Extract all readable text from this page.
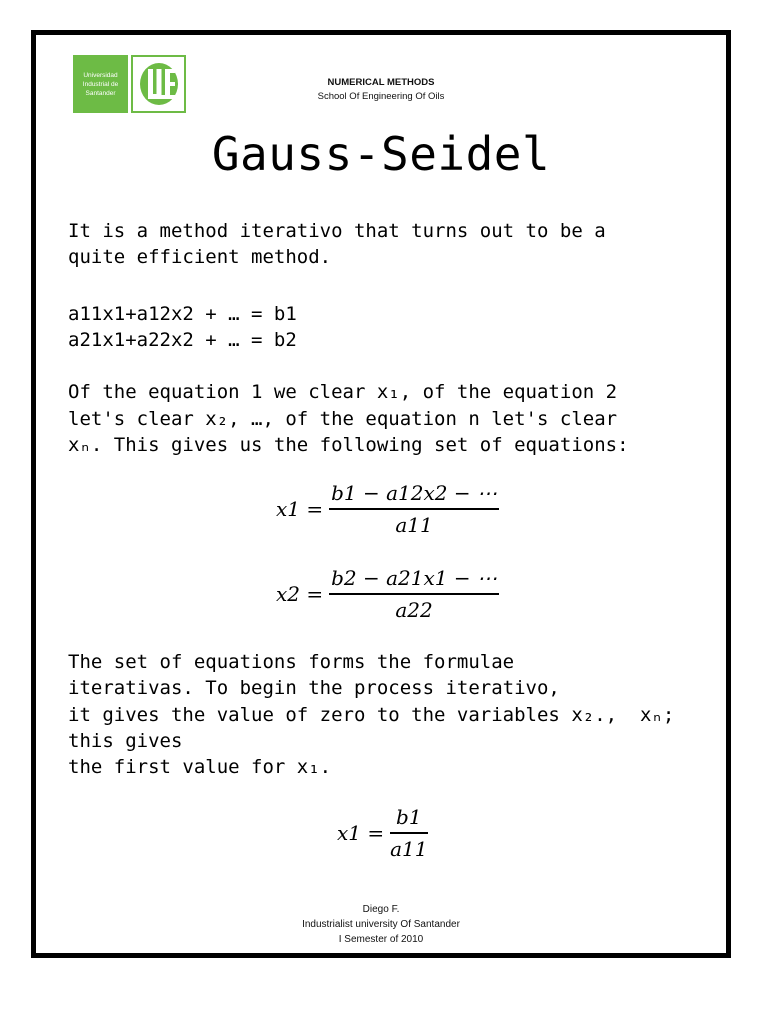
Universidad
Industrial de
Santander
NUMERICAL METHODS
School Of Engineering Of Oils
Gauss-Seidel
It is a method iterativo that turns out to be a
quite efficient method.
a11x1+a12x2 + … = b1
a21x1+a22x2 + … = b2
Of the equation 1 we clear x₁, of the equation 2
let's clear x₂, …, of the equation n let's clear
xₙ. This gives us the following set of equations:
$x1 = \frac{b1 - a12x2 - \cdots}{a11}$
$x2 = \frac{b2 - a21x1 - \cdots}{a22}$
The set of equations forms the formulae
iterativas. To begin the process iterativo,
it gives the value of zero to the variables x₂.,  xₙ;
this gives
the first value for x₁.
$x1 = \frac{b1}{a11}$
Diego F.
Industrialist university Of Santander
I Semester of 2010
